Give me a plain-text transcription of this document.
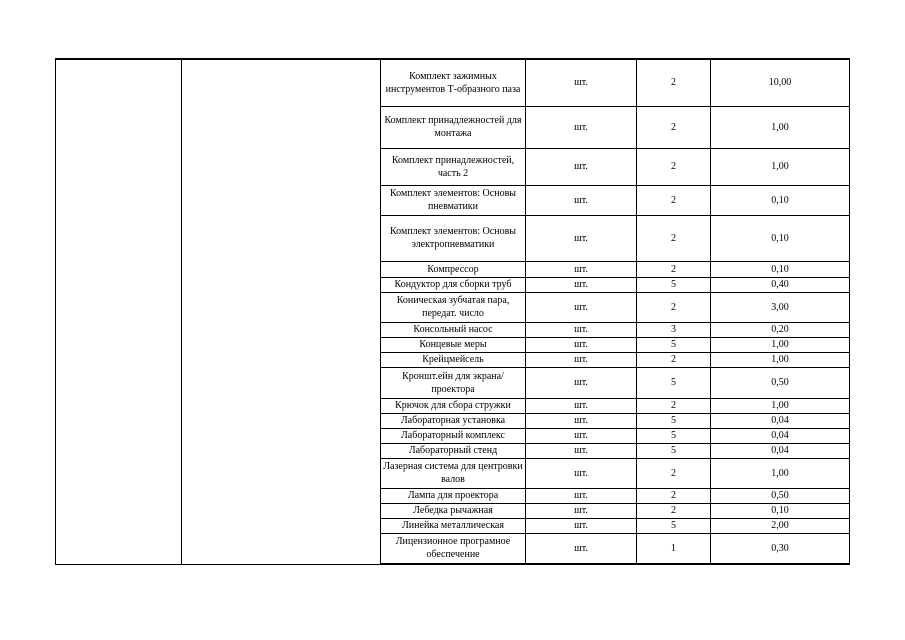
		Комплект зажимных инструментов Т-образного паза	шт.	2	10,00
		Комплект принадлежностей для монтажа	шт.	2	1,00
		Комплект принадлежностей, часть 2	шт.	2	1,00
		Комплект элементов: Основы пневматики	шт.	2	0,10
		Комплект элементов: Основы электропневматики	шт.	2	0,10
		Компрессор	шт.	2	0,10
		Кондуктор для сборки труб	шт.	5	0,40
		Коническая зубчатая пара, передат. число	шт.	2	3,00
		Консольный насос	шт.	3	0,20
		Концевые меры	шт.	5	1,00
		Крейцмейсель	шт.	2	1,00
		Кроншт.ейн для экрана/ проектора	шт.	5	0,50
		Крючок для сбора стружки	шт.	2	1,00
		Лабораторная установка	шт.	5	0,04
		Лабораторный комплекс	шт.	5	0,04
		Лабораторный стенд	шт.	5	0,04
		Лазерная система для центровки валов	шт.	2	1,00
		Лампа для проектора	шт.	2	0,50
		Лебедка рычажная	шт.	2	0,10
		Линейка металлическая	шт.	5	2,00
		Лицензионное програмное обеспечение	шт.	1	0,30
